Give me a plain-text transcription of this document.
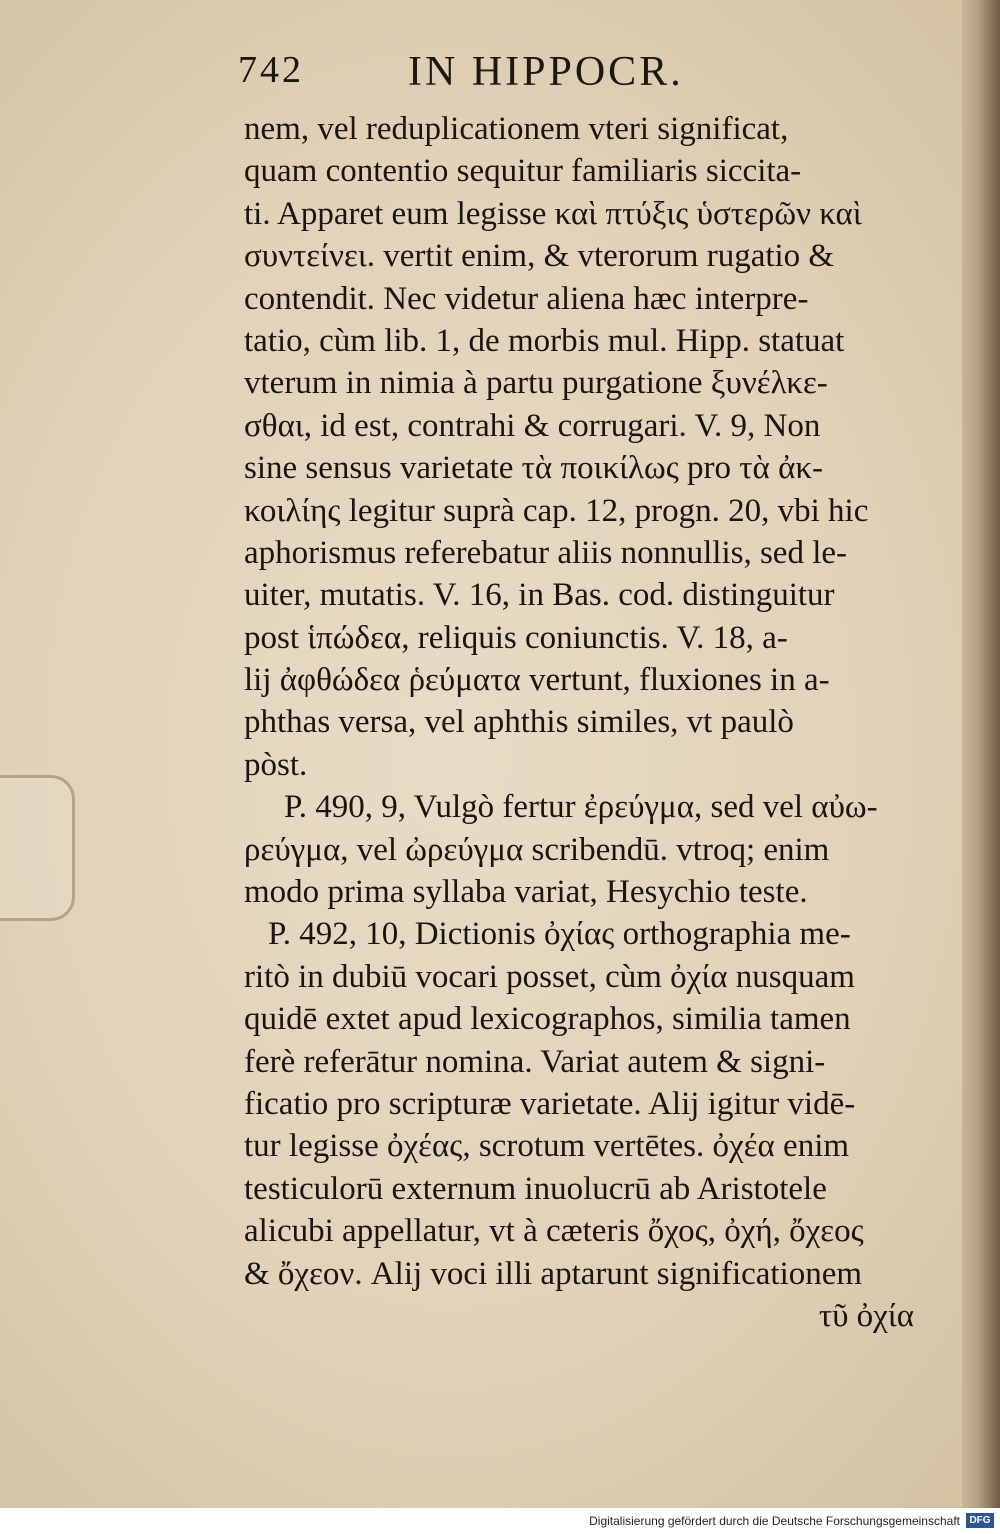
742 IN HIPPOCR.
nem, vel reduplicationem vteri significat,
quam contentio sequitur familiaris siccita-
ti. Apparet eum legisse καὶ πτύξις ὑστερῶν καὶ
συντείνει. vertit enim, & vterorum rugatio &
contendit. Nec videtur aliena hæc interpre-
tatio, cùm lib. 1, de morbis mul. Hipp. statuat
vterum in nimia à partu purgatione ξυνέλκε-
σθαι, id est, contrahi & corrugari. V. 9, Non
sine sensus varietate τὰ ποικίλως pro τὰ ἀκ-
κοιλίης legitur suprà cap. 12, progn. 20, vbi hic
aphorismus referebatur aliis nonnullis, sed le-
uiter, mutatis. V. 16, in Bas. cod. distinguitur
post ἱπώδεα, reliquis coniunctis. V. 18, a-
lij ἀφθώδεα ῥεύματα vertunt, fluxiones in a-
phthas versa, vel aphthis similes, vt paulò
pòst.
P. 490, 9, Vulgò fertur ἐρεύγμα, sed vel αὐω-
ρεύγμα, vel ὠρεύγμα scribendū. vtroq; enim
modo prima syllaba variat, Hesychio teste.
P. 492, 10, Dictionis ὀχίας orthographia me-
ritò in dubiū vocari posset, cùm ὀχία nusquam
quidē extet apud lexicographos, similia tamen
ferè referātur nomina. Variat autem & signi-
ficatio pro scripturæ varietate. Alij igitur vidē-
tur legisse ὀχέας, scrotum vertētes. ὀχέα enim
testiculorū externum inuolucrū ab Aristotele
alicubi appellatur, vt à cæteris ὄχος, ὀχή, ὄχεος
& ὄχεον. Alij voci illi aptarunt significationem
τῦ ὀχία
Digitalisierung gefördert durch die Deutsche Forschungsgemeinschaft DFG
